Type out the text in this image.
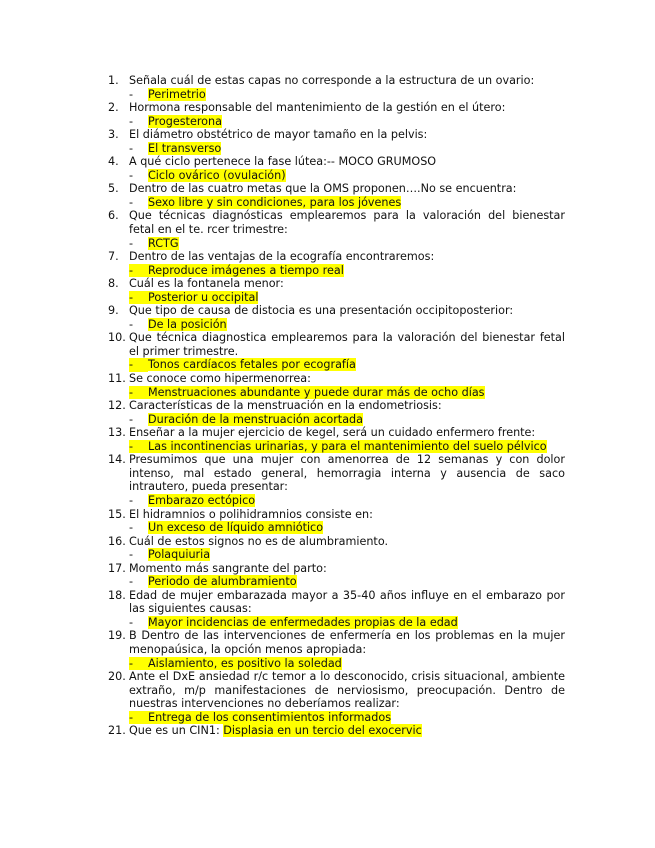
1. Señala cuál de estas capas no corresponde a la estructura de un ovario:
-	Perimetrio
2. Hormona responsable del mantenimiento de la gestión en el útero:
-	Progesterona
3. El diámetro obstétrico de mayor tamaño en la pelvis:
-	El transverso
4. A qué ciclo pertenece la fase lútea:-- MOCO GRUMOSO
-	Ciclo ovárico (ovulación)
5. Dentro de las cuatro metas que la OMS proponen….No se encuentra:
-	Sexo libre y sin condiciones, para los jóvenes
6. Que técnicas diagnósticas emplearemos para la valoración del bienestar fetal en el te. rcer trimestre:
-	RCTG
7. Dentro de las ventajas de la ecografía encontraremos:
-	Reproduce imágenes a tiempo real
8. Cuál es la fontanela menor:
-	Posterior u occipital
9. Que tipo de causa de distocia es una presentación occipitoposterior:
-	De la posición
10. Que técnica diagnostica emplearemos para la valoración del bienestar fetal el primer trimestre.
-	Tonos cardíacos fetales por ecografía
11. Se conoce como hipermenorrea:
-	Menstruaciones abundante y puede durar más de ocho días
12. Características de la menstruación en la endometriosis:
-	Duración de la menstruación acortada
13. Enseñar a la mujer ejercicio de kegel, será un cuidado enfermero frente:
-	Las incontinencias urinarias, y para el mantenimiento del suelo pélvico
14. Presumimos que una mujer con amenorrea de 12 semanas y con dolor intenso, mal estado general, hemorragia interna y ausencia de saco intrautero, pueda presentar:
-	Embarazo ectópico
15. El hidramnios o polihidramnios consiste en:
-	Un exceso de líquido amniótico
16. Cuál de estos signos no es de alumbramiento.
-	Polaquiuria
17. Momento más sangrante del parto:
-	Periodo de alumbramiento
18. Edad de mujer embarazada mayor a 35-40 años influye en el embarazo por las siguientes causas:
-	Mayor incidencias de enfermedades propias de la edad
19. B Dentro de las intervenciones de enfermería en los problemas en la mujer menopaúsica, la opción menos apropiada:
-	Aislamiento, es positivo la soledad
20. Ante el DxE ansiedad r/c temor a lo desconocido, crisis situacional, ambiente extraño, m/p manifestaciones de nerviosismo, preocupación. Dentro de nuestras intervenciones no deberíamos realizar:
-	Entrega de los consentimientos informados
21. Que es un CIN1: Displasia en un tercio del exocervic
